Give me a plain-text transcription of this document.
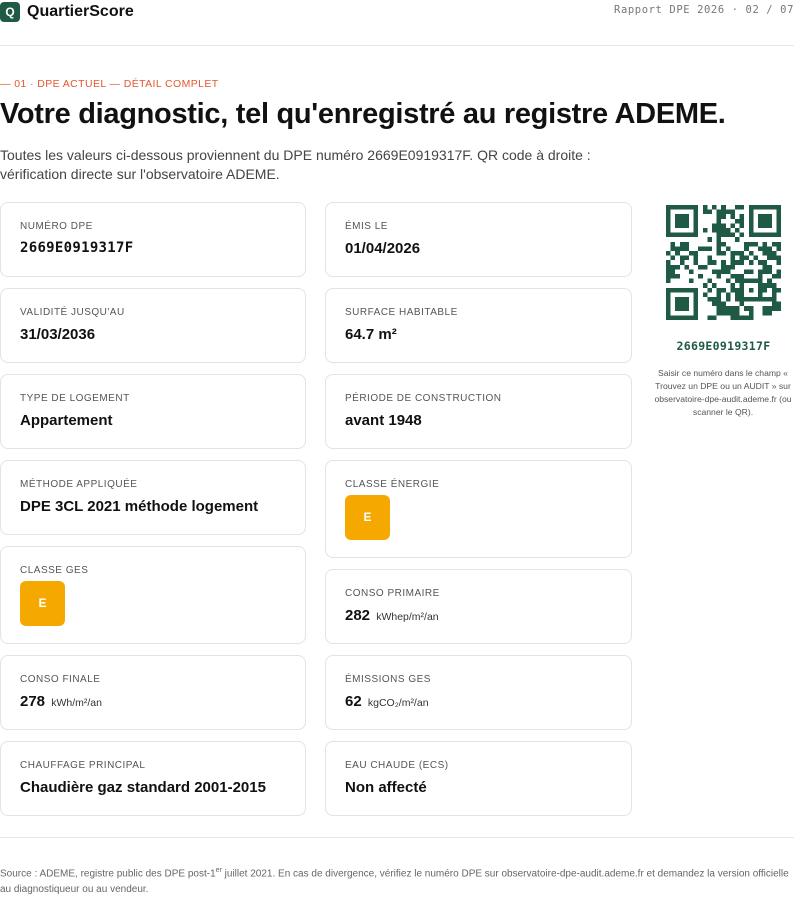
Q QuartierScore	Rapport DPE 2026 · 02 / 07
— 01 · DPE ACTUEL — DÉTAIL COMPLET
Votre diagnostic, tel qu'enregistré au registre ADEME.

Toutes les valeurs ci-dessous proviennent du DPE numéro 2669E0919317F. QR code à droite : vérification directe sur l'observatoire ADEME.

NUMÉRO DPE
2669E0919317F
VALIDITÉ JUSQU'AU
31/03/2036
TYPE DE LOGEMENT
Appartement
MÉTHODE APPLIQUÉE
DPE 3CL 2021 méthode logement
CLASSE GES
E
CONSO FINALE
278 kWh/m²/an
CHAUFFAGE PRINCIPAL
Chaudière gaz standard 2001-2015
ÉMIS LE
01/04/2026
SURFACE HABITABLE
64.7 m²
PÉRIODE DE CONSTRUCTION
avant 1948
CLASSE ÉNERGIE
E
CONSO PRIMAIRE
282 kWhep/m²/an
ÉMISSIONS GES
62 kgCO₂/m²/an
EAU CHAUDE (ECS)
Non affecté
2669E0919317F
Saisir ce numéro dans le champ « Trouvez un DPE ou un AUDIT » sur observatoire-dpe-audit.ademe.fr (ou scanner le QR).
Source : ADEME, registre public des DPE post-1er juillet 2021. En cas de divergence, vérifiez le numéro DPE sur observatoire-dpe-audit.ademe.fr et demandez la version officielle au diagnostiqueur ou au vendeur.
